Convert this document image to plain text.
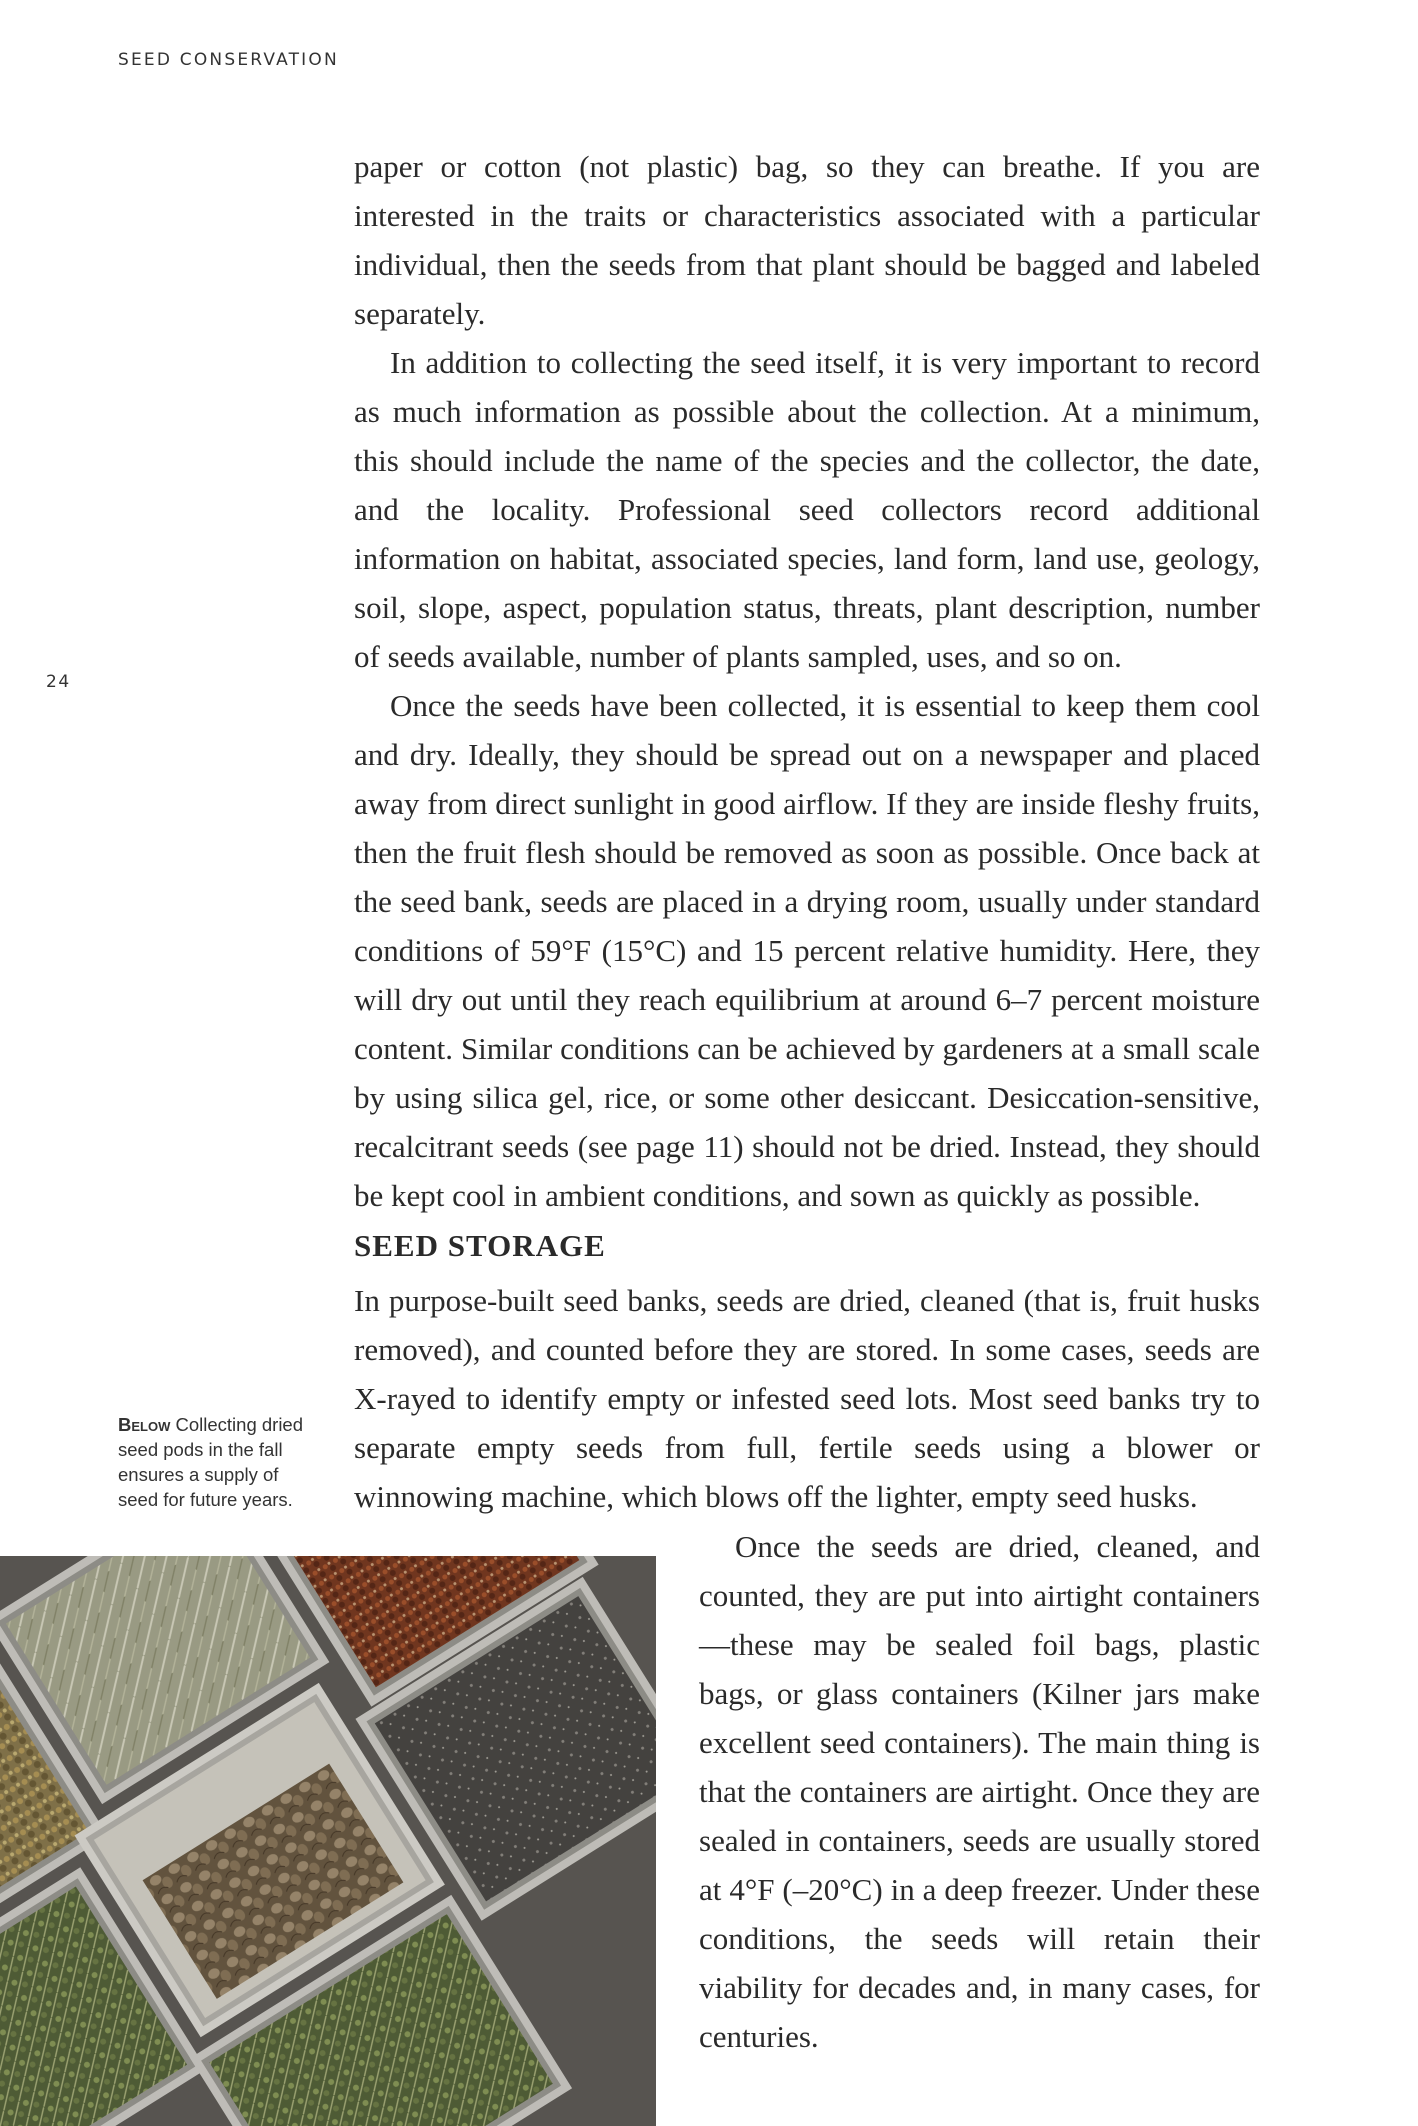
SEED CONSERVATION
24

paper or cotton (not plastic) bag, so they can breathe. If you are interested in the traits or characteristics associated with a particular individual, then the seeds from that plant should be bagged and labeled separately.

In addition to collecting the seed itself, it is very important to record as much information as possible about the collection. At a minimum, this should include the name of the species and the collector, the date, and the locality. Professional seed collectors record additional information on habitat, associated species, land form, land use, geology, soil, slope, aspect, population status, threats, plant description, number of seeds available, number of plants sampled, uses, and so on.

Once the seeds have been collected, it is essential to keep them cool and dry. Ideally, they should be spread out on a newspaper and placed away from direct sunlight in good airflow. If they are inside fleshy fruits, then the fruit flesh should be removed as soon as possible. Once back at the seed bank, seeds are placed in a drying room, usually under standard conditions of 59°F (15°C) and 15 percent relative humidity. Here, they will dry out until they reach equilibrium at around 6–7 percent moisture content. Similar conditions can be achieved by gardeners at a small scale by using silica gel, rice, or some other desiccant. Desiccation-sensitive, recalcitrant seeds (see page 11) should not be dried. Instead, they should be kept cool in ambient conditions, and sown as quickly as possible.

SEED STORAGE

In purpose-built seed banks, seeds are dried, cleaned (that is, fruit husks removed), and counted before they are stored. In some cases, seeds are X-rayed to identify empty or infested seed lots. Most seed banks try to separate empty seeds from full, fertile seeds using a blower or winnowing machine, which blows off the lighter, empty seed husks.

Once the seeds are dried, cleaned, and counted, they are put into airtight containers—these may be sealed foil bags, plastic bags, or glass containers (Kilner jars make excellent seed containers). The main thing is that the containers are airtight. Once they are sealed in containers, seeds are usually stored at 4°F (–20°C) in a deep freezer. Under these conditions, the seeds will retain their viability for decades and, in many cases, for centuries.

Below Collecting dried seed pods in the fall ensures a supply of seed for future years.
